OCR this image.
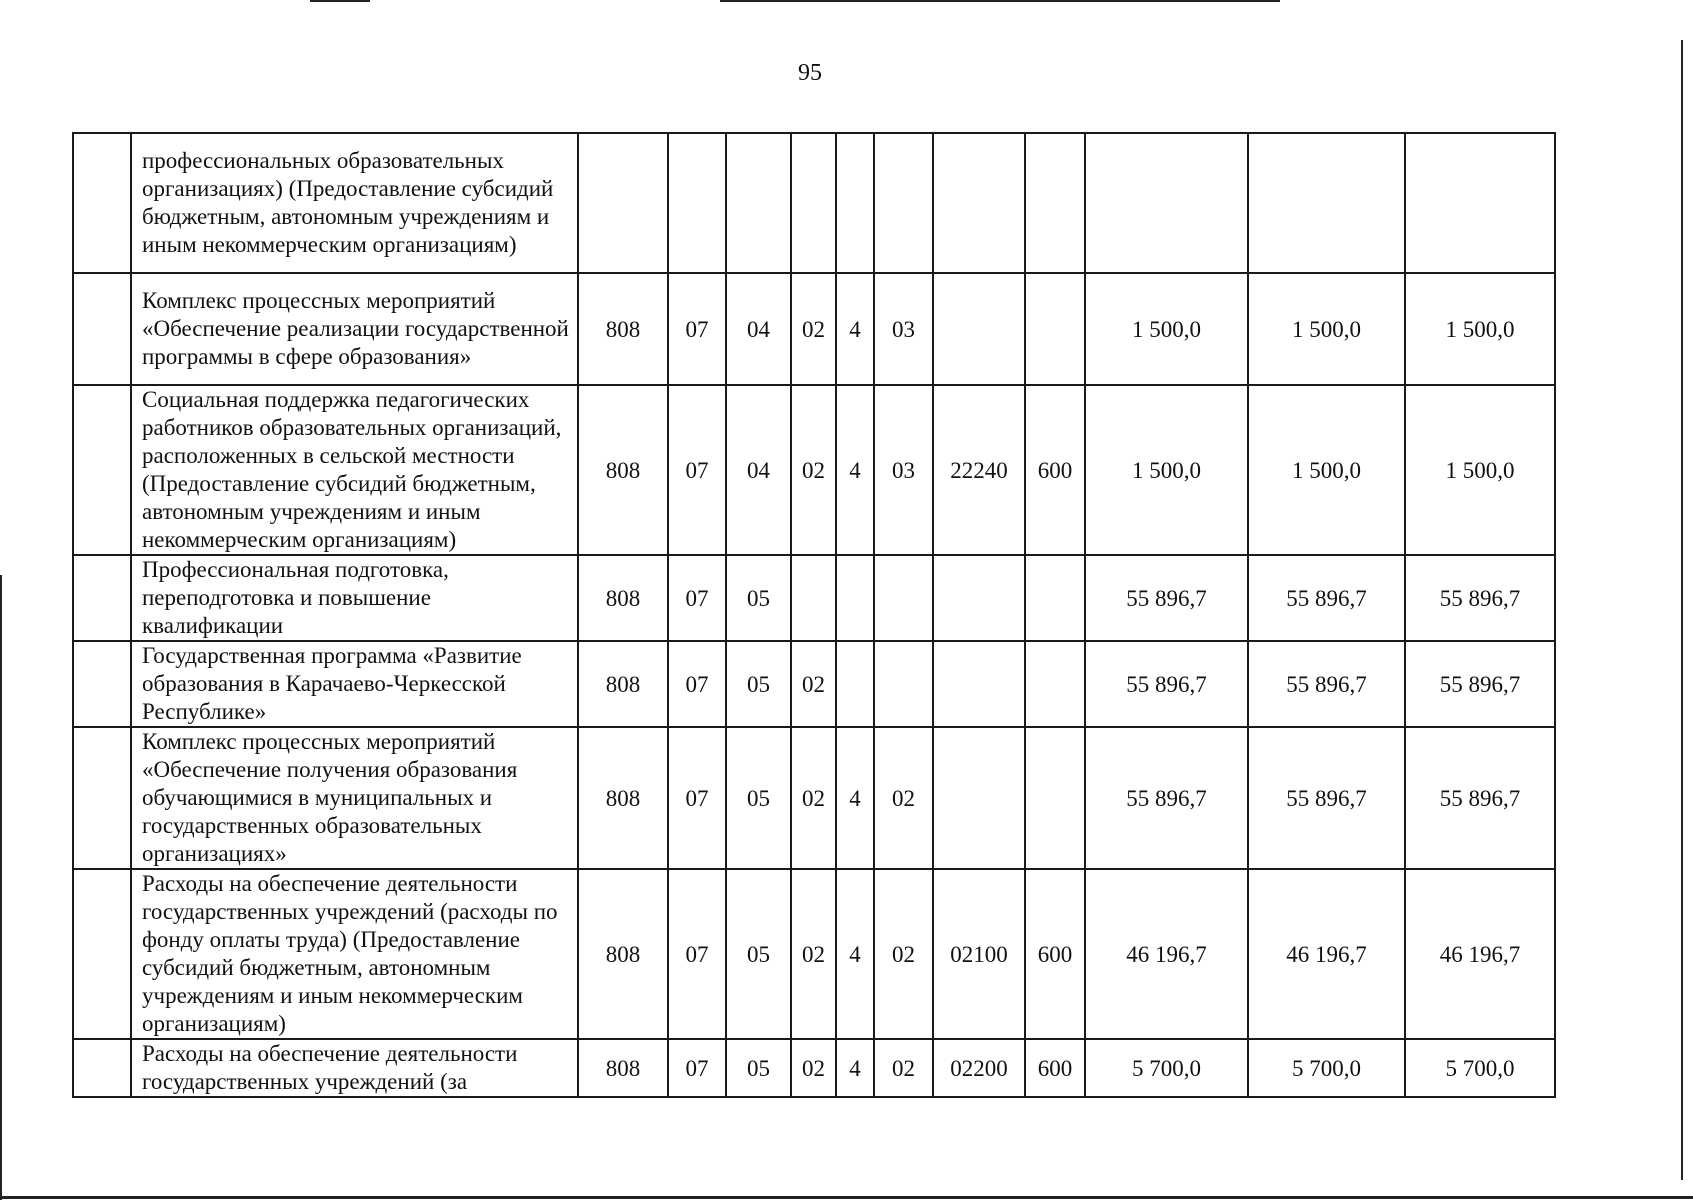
95
	профессиональных образовательных организациях) (Предоставление субсидий бюджетным, автономным учреждениям и иным некоммерческим организациям)											
	Комплекс процессных мероприятий «Обеспечение реализации государственной программы в сфере образования»	808	07	04	02	4	03			1 500,0	1 500,0	1 500,0
	Социальная поддержка педагогических работников образовательных организаций, расположенных в сельской местности (Предоставление субсидий бюджетным, автономным учреждениям и иным некоммерческим организациям)	808	07	04	02	4	03	22240	600	1 500,0	1 500,0	1 500,0
	Профессиональная подготовка, переподготовка и повышение квалификации	808	07	05						55 896,7	55 896,7	55 896,7
	Государственная программа «Развитие образования в Карачаево-Черкесской Республике»	808	07	05	02					55 896,7	55 896,7	55 896,7
	Комплекс процессных мероприятий «Обеспечение получения образования обучающимися в муниципальных и государственных образовательных организациях»	808	07	05	02	4	02			55 896,7	55 896,7	55 896,7
	Расходы на обеспечение деятельности государственных учреждений (расходы по фонду оплаты труда) (Предоставление субсидий бюджетным, автономным учреждениям и иным некоммерческим организациям)	808	07	05	02	4	02	02100	600	46 196,7	46 196,7	46 196,7
	Расходы на обеспечение деятельности государственных учреждений (за	808	07	05	02	4	02	02200	600	5 700,0	5 700,0	5 700,0
